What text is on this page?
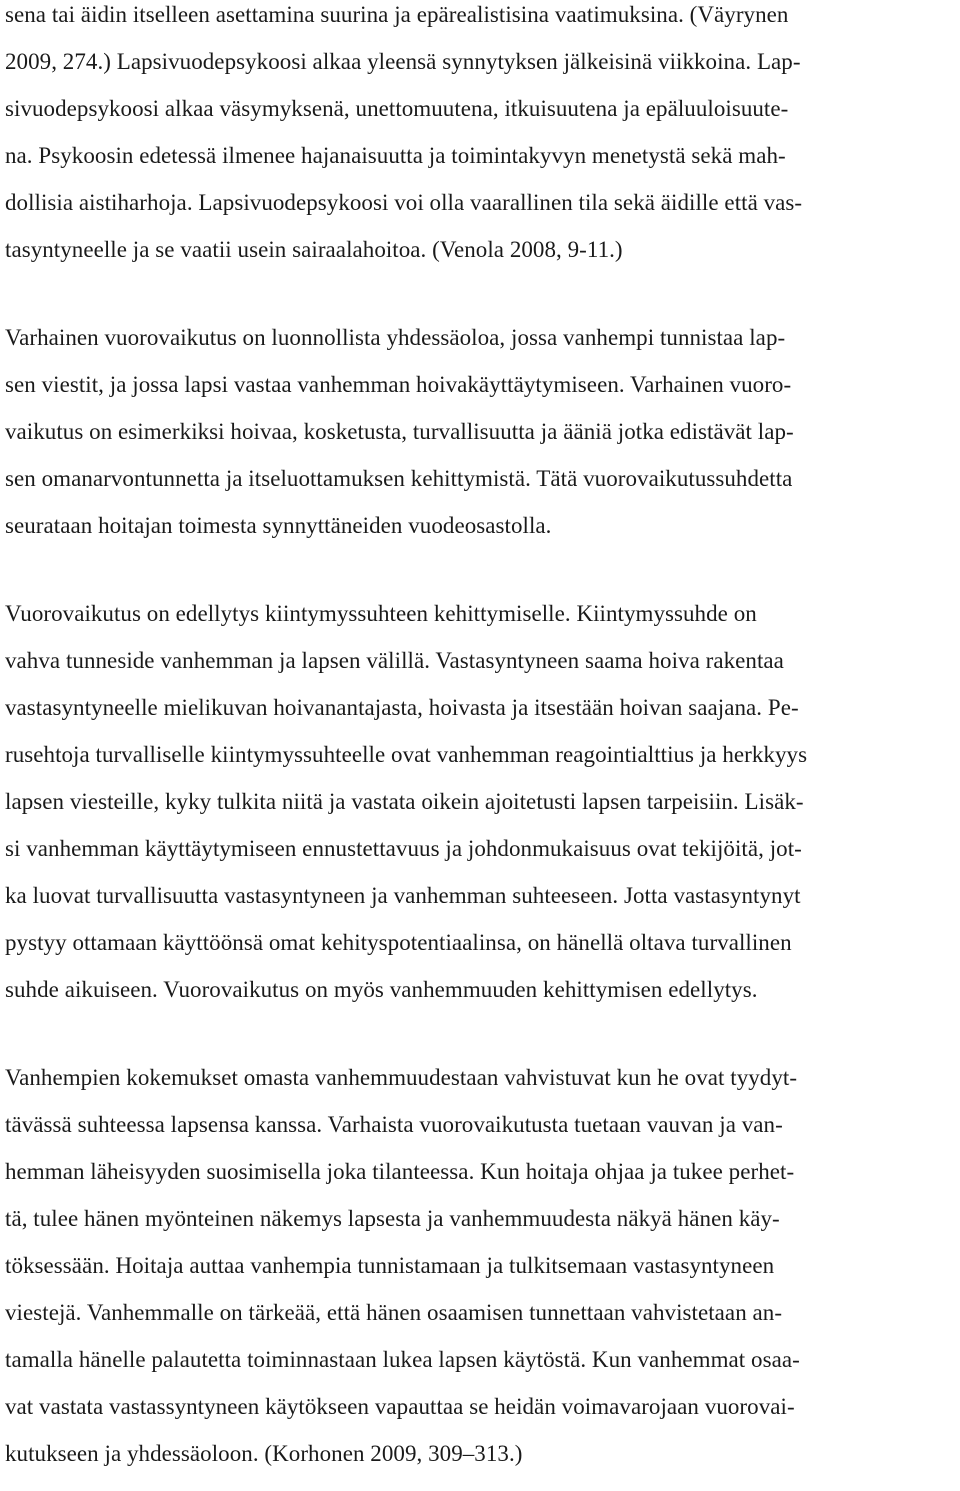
sena tai äidin itselleen asettamina suurina ja epärealistisina vaatimuksina. (Väyrynen
2009, 274.) Lapsivuodepsykoosi alkaa yleensä synnytyksen jälkeisinä viikkoina. Lap-
sivuodepsykoosi alkaa väsymyksenä, unettomuutena, itkuisuutena ja epäluuloisuute-
na. Psykoosin edetessä ilmenee hajanaisuutta ja toimintakyvyn menetystä sekä mah-
dollisia aistiharhoja. Lapsivuodepsykoosi voi olla vaarallinen tila sekä äidille että vas-
tasyntyneelle ja se vaatii usein sairaalahoitoa. (Venola 2008, 9-11.)
Varhainen vuorovaikutus on luonnollista yhdessäoloa, jossa vanhempi tunnistaa lap-
sen viestit, ja jossa lapsi vastaa vanhemman hoivakäyttäytymiseen. Varhainen vuoro-
vaikutus on esimerkiksi hoivaa, kosketusta, turvallisuutta ja ääniä jotka edistävät lap-
sen omanarvontunnetta ja itseluottamuksen kehittymistä. Tätä vuorovaikutussuhdetta
seurataan hoitajan toimesta synnyttäneiden vuodeosastolla.
Vuorovaikutus on edellytys kiintymyssuhteen kehittymiselle. Kiintymyssuhde on
vahva tunneside vanhemman ja lapsen välillä. Vastasyntyneen saama hoiva rakentaa
vastasyntyneelle mielikuvan hoivanantajasta, hoivasta ja itsestään hoivan saajana. Pe-
rusehtoja turvalliselle kiintymyssuhteelle ovat vanhemman reagointialttius ja herkkyys
lapsen viesteille, kyky tulkita niitä ja vastata oikein ajoitetusti lapsen tarpeisiin. Lisäk-
si vanhemman käyttäytymiseen ennustettavuus ja johdonmukaisuus ovat tekijöitä, jot-
ka luovat turvallisuutta vastasyntyneen ja vanhemman suhteeseen. Jotta vastasyntynyt
pystyy ottamaan käyttöönsä omat kehityspotentiaalinsa, on hänellä oltava turvallinen
suhde aikuiseen. Vuorovaikutus on myös vanhemmuuden kehittymisen edellytys.
Vanhempien kokemukset omasta vanhemmuudestaan vahvistuvat kun he ovat tyydyt-
tävässä suhteessa lapsensa kanssa. Varhaista vuorovaikutusta tuetaan vauvan ja van-
hemman läheisyyden suosimisella joka tilanteessa. Kun hoitaja ohjaa ja tukee perhet-
tä, tulee hänen myönteinen näkemys lapsesta ja vanhemmuudesta näkyä hänen käy-
töksessään. Hoitaja auttaa vanhempia tunnistamaan ja tulkitsemaan vastasyntyneen
viestejä. Vanhemmalle on tärkeää, että hänen osaamisen tunnettaan vahvistetaan an-
tamalla hänelle palautetta toiminnastaan lukea lapsen käytöstä. Kun vanhemmat osaa-
vat vastata vastassyntyneen käytökseen vapauttaa se heidän voimavarojaan vuorovai-
kutukseen ja yhdessäoloon. (Korhonen 2009, 309–313.)
